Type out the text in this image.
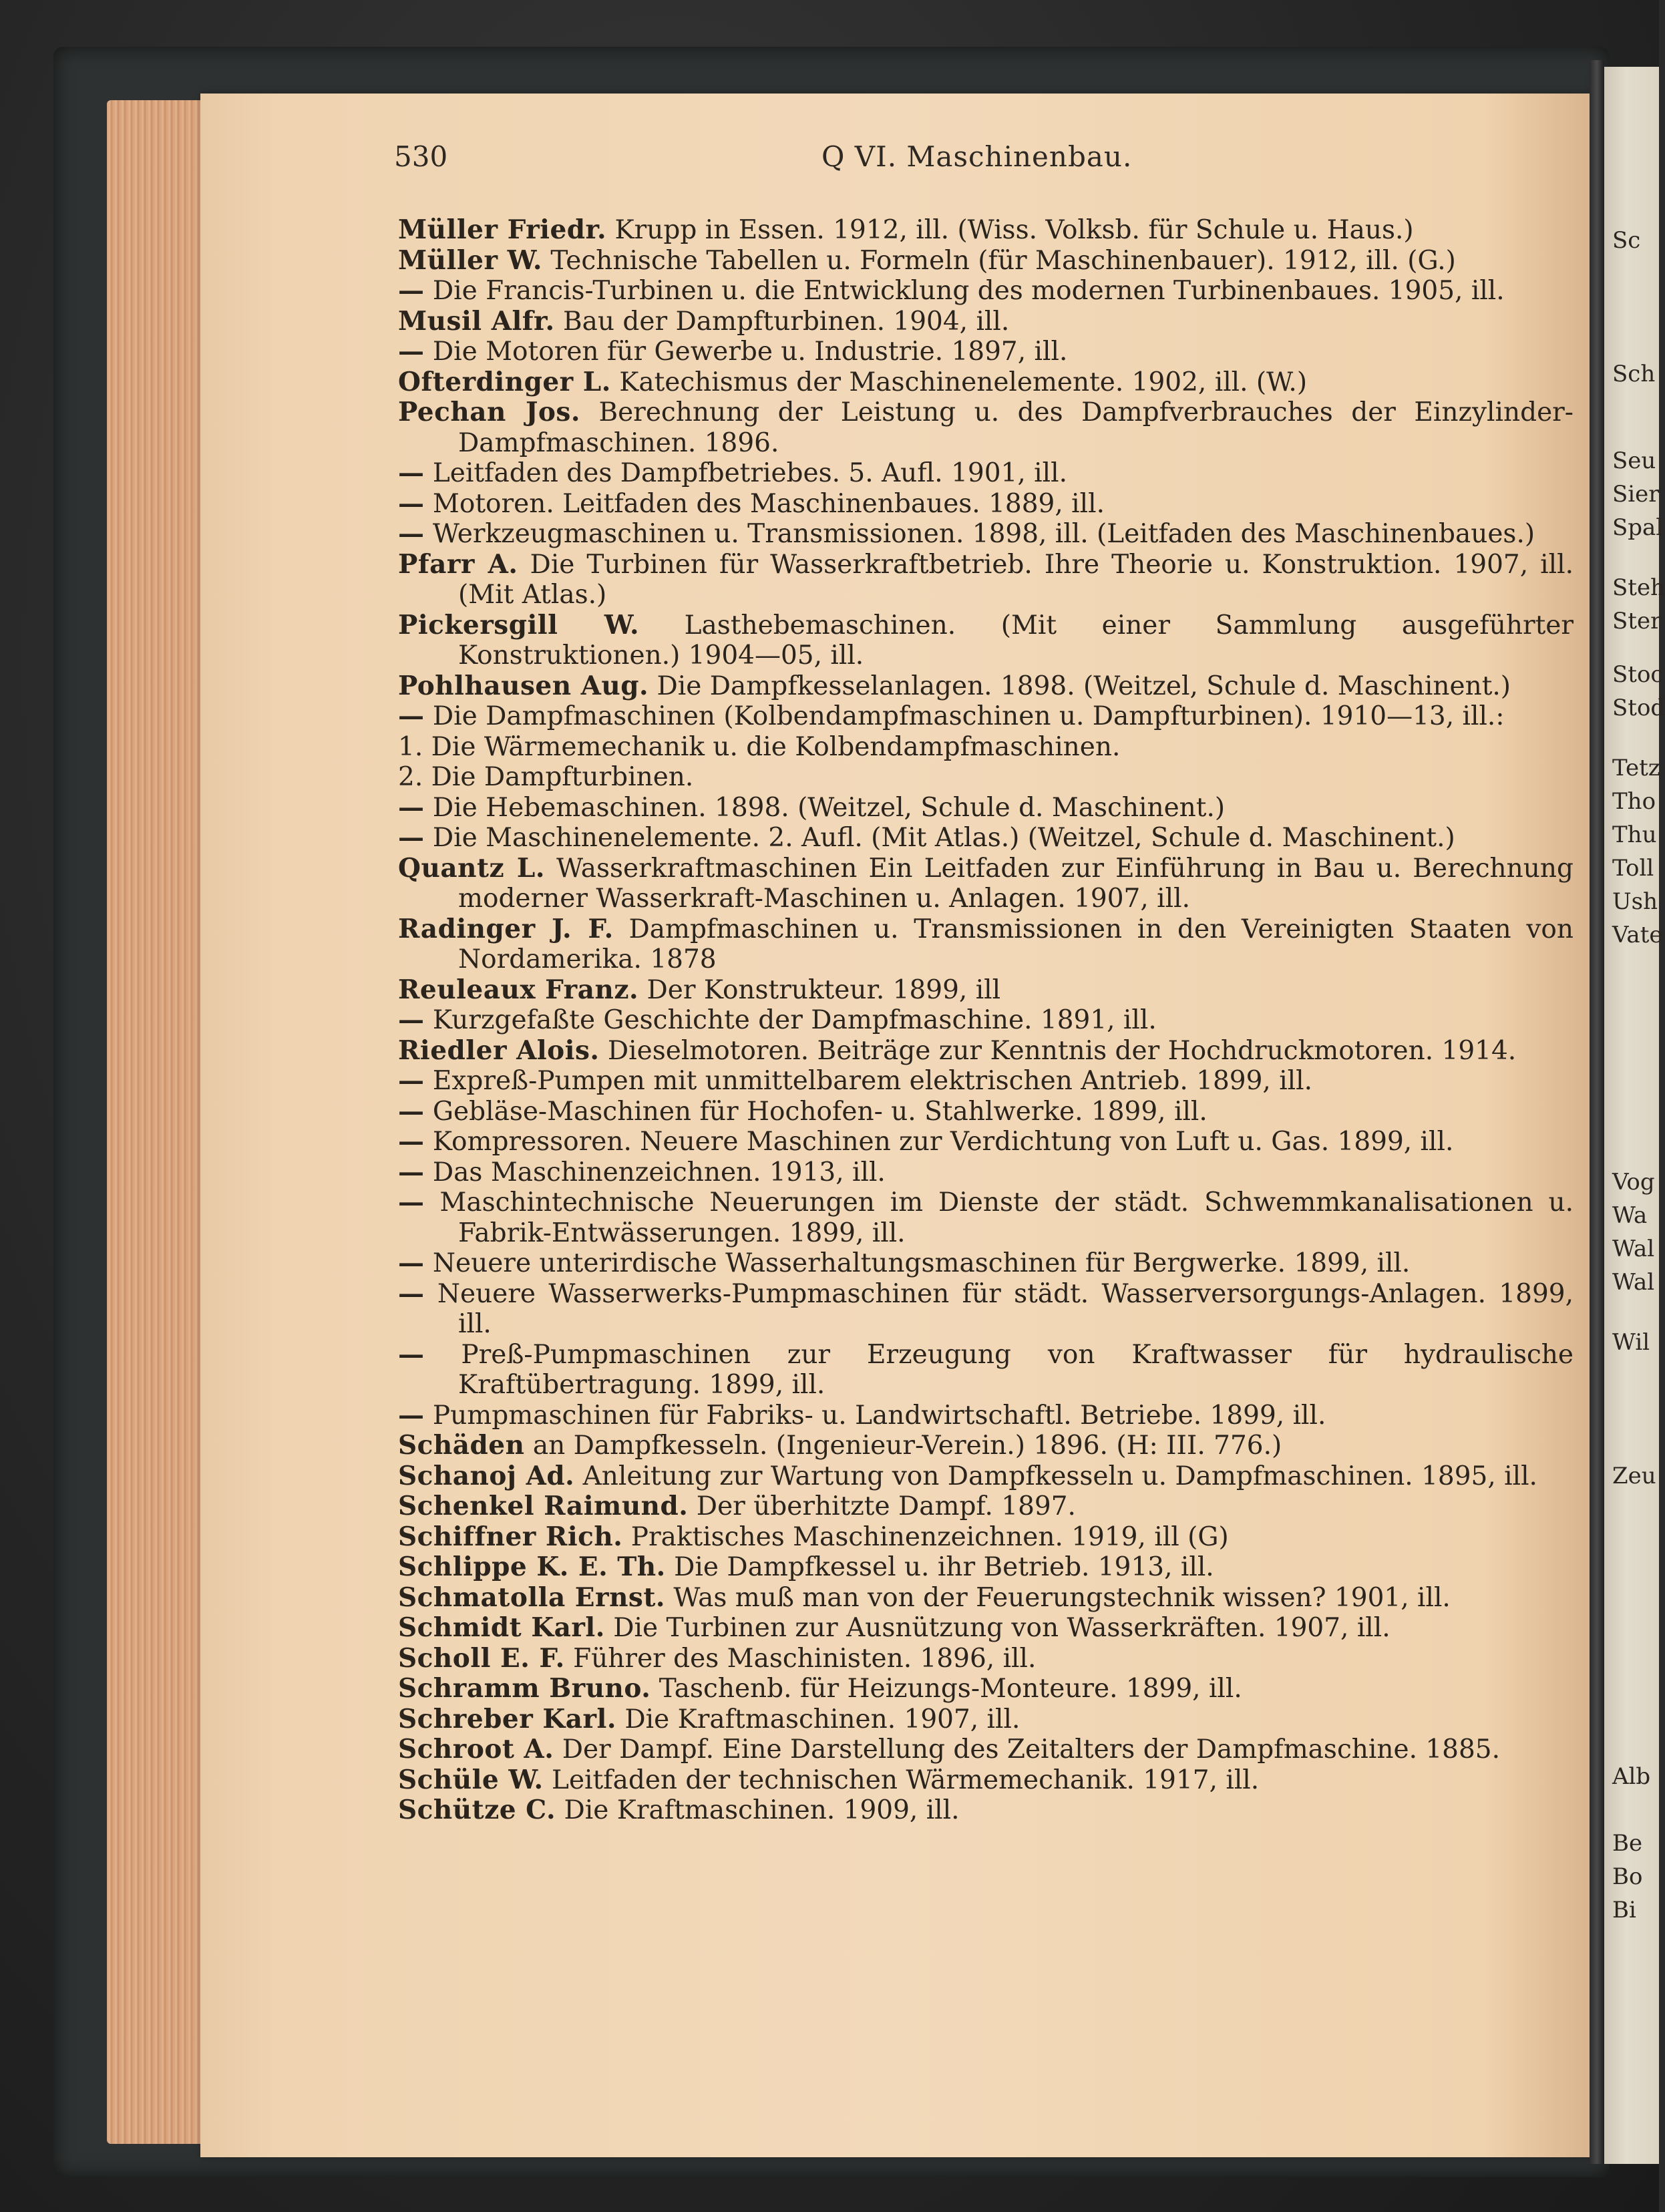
Sc
Sch
Seu
Sier
Spal
Steh
Ster
Stoc
Stod
Tetz
Tho
Thu
Toll
Ush
Vate
Vog
Wa
Wal
Wal
Wil
Zeu
Alb
Be
Bo
Bi
530	Q VI. Maschinenbau.

Müller Friedr. Krupp in Essen. 1912, ill. (Wiss. Volksb. für Schule u. Haus.)

Müller W. Technische Tabellen u. Formeln (für Maschinenbauer). 1912, ill. (G.)

— Die Francis-Turbinen u. die Entwicklung des modernen Turbinenbaues. 1905, ill.

Musil Alfr. Bau der Dampfturbinen. 1904, ill.

— Die Motoren für Gewerbe u. Industrie. 1897, ill.

Ofterdinger L. Katechismus der Maschinenelemente. 1902, ill. (W.)

Pechan Jos. Berechnung der Leistung u. des Dampfverbrauches der Einzylinder-Dampfmaschinen. 1896.

— Leitfaden des Dampfbetriebes. 5. Aufl. 1901, ill.

— Motoren. Leitfaden des Maschinenbaues. 1889, ill.

— Werkzeugmaschinen u. Transmissionen. 1898, ill. (Leitfaden des Maschinenbaues.)

Pfarr A. Die Turbinen für Wasserkraftbetrieb. Ihre Theorie u. Konstruktion. 1907, ill. (Mit Atlas.)

Pickersgill W. Lasthebemaschinen. (Mit einer Sammlung ausgeführter Konstruktionen.) 1904—05, ill.

Pohlhausen Aug. Die Dampfkesselanlagen. 1898. (Weitzel, Schule d. Maschinent.)

— Die Dampfmaschinen (Kolbendampfmaschinen u. Dampfturbinen). 1910—13, ill.:

1. Die Wärmemechanik u. die Kolbendampfmaschinen.

2. Die Dampfturbinen.

— Die Hebemaschinen. 1898. (Weitzel, Schule d. Maschinent.)

— Die Maschinenelemente. 2. Aufl. (Mit Atlas.) (Weitzel, Schule d. Maschinent.)

Quantz L. Wasserkraftmaschinen Ein Leitfaden zur Einführung in Bau u. Berechnung moderner Wasserkraft-Maschinen u. Anlagen. 1907, ill.

Radinger J. F. Dampfmaschinen u. Transmissionen in den Vereinigten Staaten von Nordamerika. 1878

Reuleaux Franz. Der Konstrukteur. 1899, ill

— Kurzgefaßte Geschichte der Dampfmaschine. 1891, ill.

Riedler Alois. Dieselmotoren. Beiträge zur Kenntnis der Hochdruckmotoren. 1914.

— Expreß-Pumpen mit unmittelbarem elektrischen Antrieb. 1899, ill.

— Gebläse-Maschinen für Hochofen- u. Stahlwerke. 1899, ill.

— Kompressoren. Neuere Maschinen zur Verdichtung von Luft u. Gas. 1899, ill.

— Das Maschinenzeichnen. 1913, ill.

— Maschintechnische Neuerungen im Dienste der städt. Schwemmkanalisationen u. Fabrik-Entwässerungen. 1899, ill.

— Neuere unterirdische Wasserhaltungsmaschinen für Bergwerke. 1899, ill.

— Neuere Wasserwerks-Pumpmaschinen für städt. Wasserversorgungs-Anlagen. 1899, ill.

— Preß-Pumpmaschinen zur Erzeugung von Kraftwasser für hydraulische Kraftübertragung. 1899, ill.

— Pumpmaschinen für Fabriks- u. Landwirtschaftl. Betriebe. 1899, ill.

Schäden an Dampfkesseln. (Ingenieur-Verein.) 1896. (H: III. 776.)

Schanoj Ad. Anleitung zur Wartung von Dampfkesseln u. Dampfmaschinen. 1895, ill.

Schenkel Raimund. Der überhitzte Dampf. 1897.

Schiffner Rich. Praktisches Maschinenzeichnen. 1919, ill (G)

Schlippe K. E. Th. Die Dampfkessel u. ihr Betrieb. 1913, ill.

Schmatolla Ernst. Was muß man von der Feuerungstechnik wissen? 1901, ill.

Schmidt Karl. Die Turbinen zur Ausnützung von Wasserkräften. 1907, ill.

Scholl E. F. Führer des Maschinisten. 1896, ill.

Schramm Bruno. Taschenb. für Heizungs-Monteure. 1899, ill.

Schreber Karl. Die Kraftmaschinen. 1907, ill.

Schroot A. Der Dampf. Eine Darstellung des Zeitalters der Dampfmaschine. 1885.

Schüle W. Leitfaden der technischen Wärmemechanik. 1917, ill.

Schütze C. Die Kraftmaschinen. 1909, ill.
